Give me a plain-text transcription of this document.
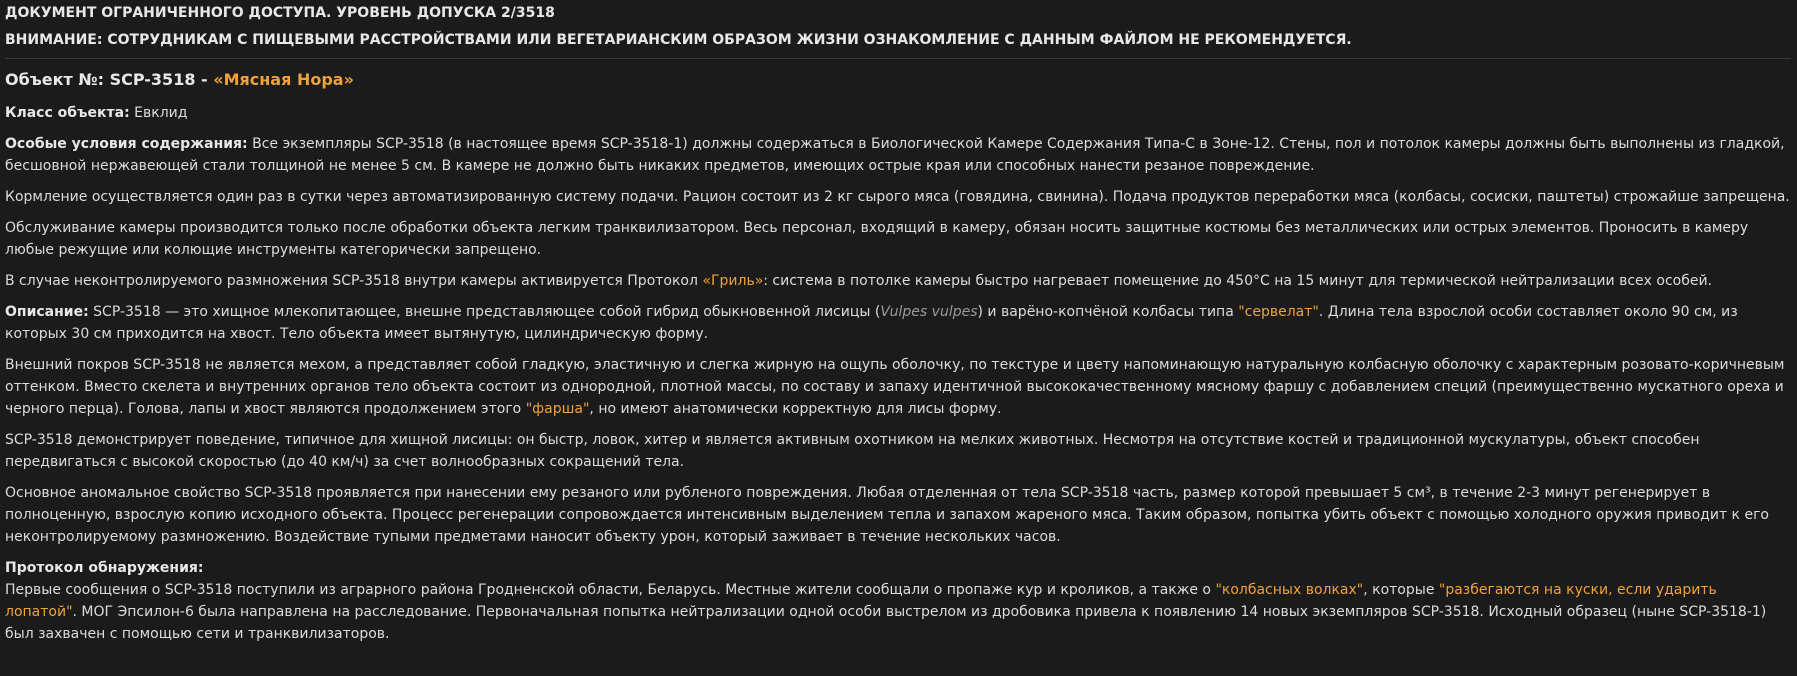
ДОКУМЕНТ ОГРАНИЧЕННОГО ДОСТУПА. УРОВЕНЬ ДОПУСКА 2/3518
ВНИМАНИЕ: СОТРУДНИКАМ С ПИЩЕВЫМИ РАССТРОЙСТВАМИ ИЛИ ВЕГЕТАРИАНСКИМ ОБРАЗОМ ЖИЗНИ ОЗНАКОМЛЕНИЕ С ДАННЫМ ФАЙЛОМ НЕ РЕКОМЕНДУЕТСЯ.
Объект №: SCP-3518 - «Мясная Нора»

Класс объекта: Евклид

Особые условия содержания: Все экземпляры SCP-3518 (в настоящее время SCP-3518-1) должны содержаться в Биологической Камере Содержания Типа-С в Зоне-12. Стены, пол и потолок камеры должны быть выполнены из гладкой, бесшовной нержавеющей стали толщиной не менее 5 см. В камере не должно быть никаких предметов, имеющих острые края или способных нанести резаное повреждение.

Кормление осуществляется один раз в сутки через автоматизированную систему подачи. Рацион состоит из 2 кг сырого мяса (говядина, свинина). Подача продуктов переработки мяса (колбасы, сосиски, паштеты) строжайше запрещена.

Обслуживание камеры производится только после обработки объекта легким транквилизатором. Весь персонал, входящий в камеру, обязан носить защитные костюмы без металлических или острых элементов. Проносить в камеру любые режущие или колющие инструменты категорически запрещено.

В случае неконтролируемого размножения SCP-3518 внутри камеры активируется Протокол «Гриль»: система в потолке камеры быстро нагревает помещение до 450°C на 15 минут для термической нейтрализации всех особей.

Описание: SCP-3518 — это хищное млекопитающее, внешне представляющее собой гибрид обыкновенной лисицы (Vulpes vulpes) и варёно-копчёной колбасы типа "сервелат". Длина тела взрослой особи составляет около 90 см, из которых 30 см приходится на хвост. Тело объекта имеет вытянутую, цилиндрическую форму.

Внешний покров SCP-3518 не является мехом, а представляет собой гладкую, эластичную и слегка жирную на ощупь оболочку, по текстуре и цвету напоминающую натуральную колбасную оболочку с характерным розовато-коричневым оттенком. Вместо скелета и внутренних органов тело объекта состоит из однородной, плотной массы, по составу и запаху идентичной высококачественному мясному фаршу с добавлением специй (преимущественно мускатного ореха и черного перца). Голова, лапы и хвост являются продолжением этого "фарша", но имеют анатомически корректную для лисы форму.

SCP-3518 демонстрирует поведение, типичное для хищной лисицы: он быстр, ловок, хитер и является активным охотником на мелких животных. Несмотря на отсутствие костей и традиционной мускулатуры, объект способен передвигаться с высокой скоростью (до 40 км/ч) за счет волнообразных сокращений тела.

Основное аномальное свойство SCP-3518 проявляется при нанесении ему резаного или рубленого повреждения. Любая отделенная от тела SCP-3518 часть, размер которой превышает 5 см³, в течение 2-3 минут регенерирует в полноценную, взрослую копию исходного объекта. Процесс регенерации сопровождается интенсивным выделением тепла и запахом жареного мяса. Таким образом, попытка убить объект с помощью холодного оружия приводит к его неконтролируемому размножению. Воздействие тупыми предметами наносит объекту урон, который заживает в течение нескольких часов.

Протокол обнаружения:

Первые сообщения о SCP-3518 поступили из аграрного района Гродненской области, Беларусь. Местные жители сообщали о пропаже кур и кроликов, а также о "колбасных волках", которые "разбегаются на куски, если ударить лопатой". МОГ Эпсилон-6 была направлена на расследование. Первоначальная попытка нейтрализации одной особи выстрелом из дробовика привела к появлению 14 новых экземпляров SCP-3518. Исходный образец (ныне SCP-3518-1) был захвачен с помощью сети и транквилизаторов.
